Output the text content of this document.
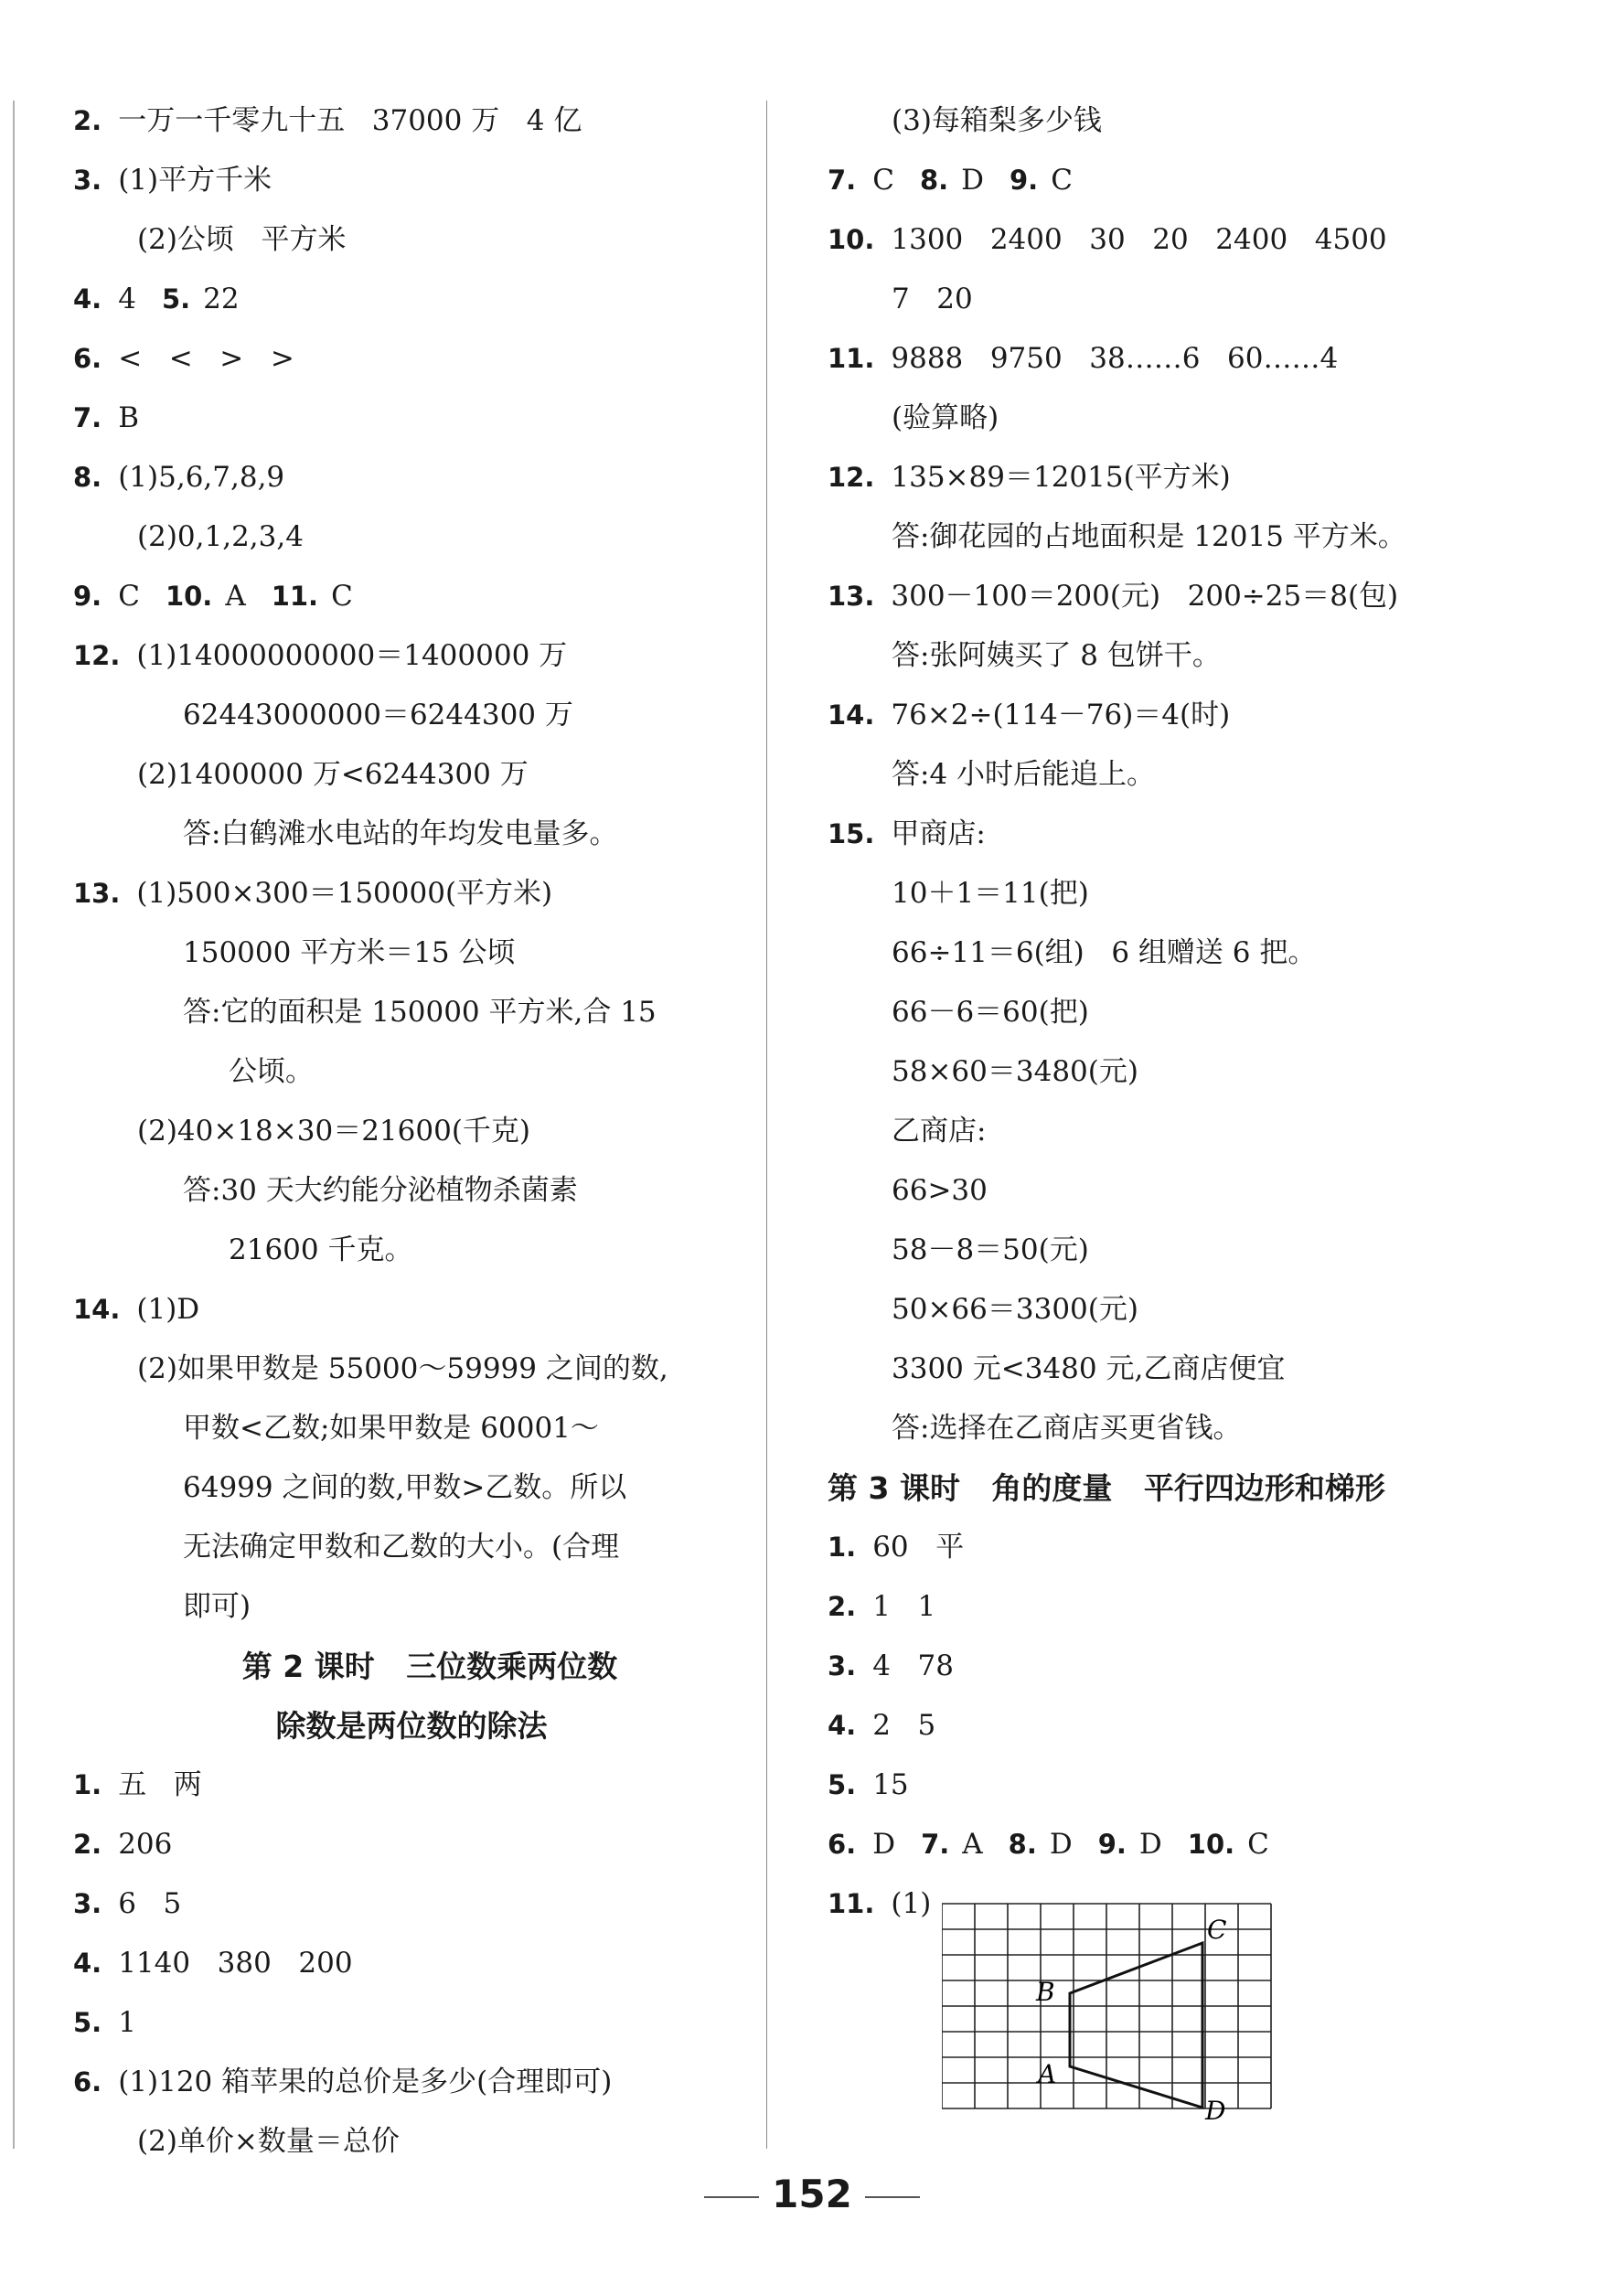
2. 一万一千零九十五   37000 万   4 亿
3. (1)平方千米
(2)公顷   平方米
4. 4 5. 22
6. <   <   >   >
7. B
8. (1)5,6,7,8,9
(2)0,1,2,3,4
9. C 10. A 11. C
12. (1)14000000000＝1400000 万
62443000000＝6244300 万
(2)1400000 万<6244300 万
答:白鹤滩水电站的年均发电量多。
13. (1)500×300＝150000(平方米)
150000 平方米＝15 公顷
答:它的面积是 150000 平方米,合 15
公顷。
(2)40×18×30＝21600(千克)
答:30 天大约能分泌植物杀菌素
21600 千克。
14. (1)D
(2)如果甲数是 55000～59999 之间的数,
甲数<乙数;如果甲数是 60001～
64999 之间的数,甲数>乙数。所以
无法确定甲数和乙数的大小。(合理
即可)
第 2 课时   三位数乘两位数
除数是两位数的除法
1. 五   两
2. 206
3. 6   5
4. 1140   380   200
5. 1
6. (1)120 箱苹果的总价是多少(合理即可)
(2)单价×数量＝总价
(3)每箱梨多少钱
7. C 8. D 9. C
10. 1300   2400   30   20   2400   4500
7   20
11. 9888   9750   38……6   60……4
(验算略)
12. 135×89＝12015(平方米)
答:御花园的占地面积是 12015 平方米。
13. 300－100＝200(元)   200÷25＝8(包)
答:张阿姨买了 8 包饼干。
14. 76×2÷(114－76)＝4(时)
答:4 小时后能追上。
15. 甲商店:
10＋1＝11(把)
66÷11＝6(组)   6 组赠送 6 把。
66－6＝60(把)
58×60＝3480(元)
乙商店:
66>30
58－8＝50(元)
50×66＝3300(元)
3300 元<3480 元,乙商店便宜
答:选择在乙商店买更省钱。
第 3 课时   角的度量   平行四边形和梯形
1. 60   平
2. 1   1
3. 4   78
4. 2   5
5. 15
6. D 7. A 8. D 9. D 10. C
11. (1)
B
C
A
D
152
